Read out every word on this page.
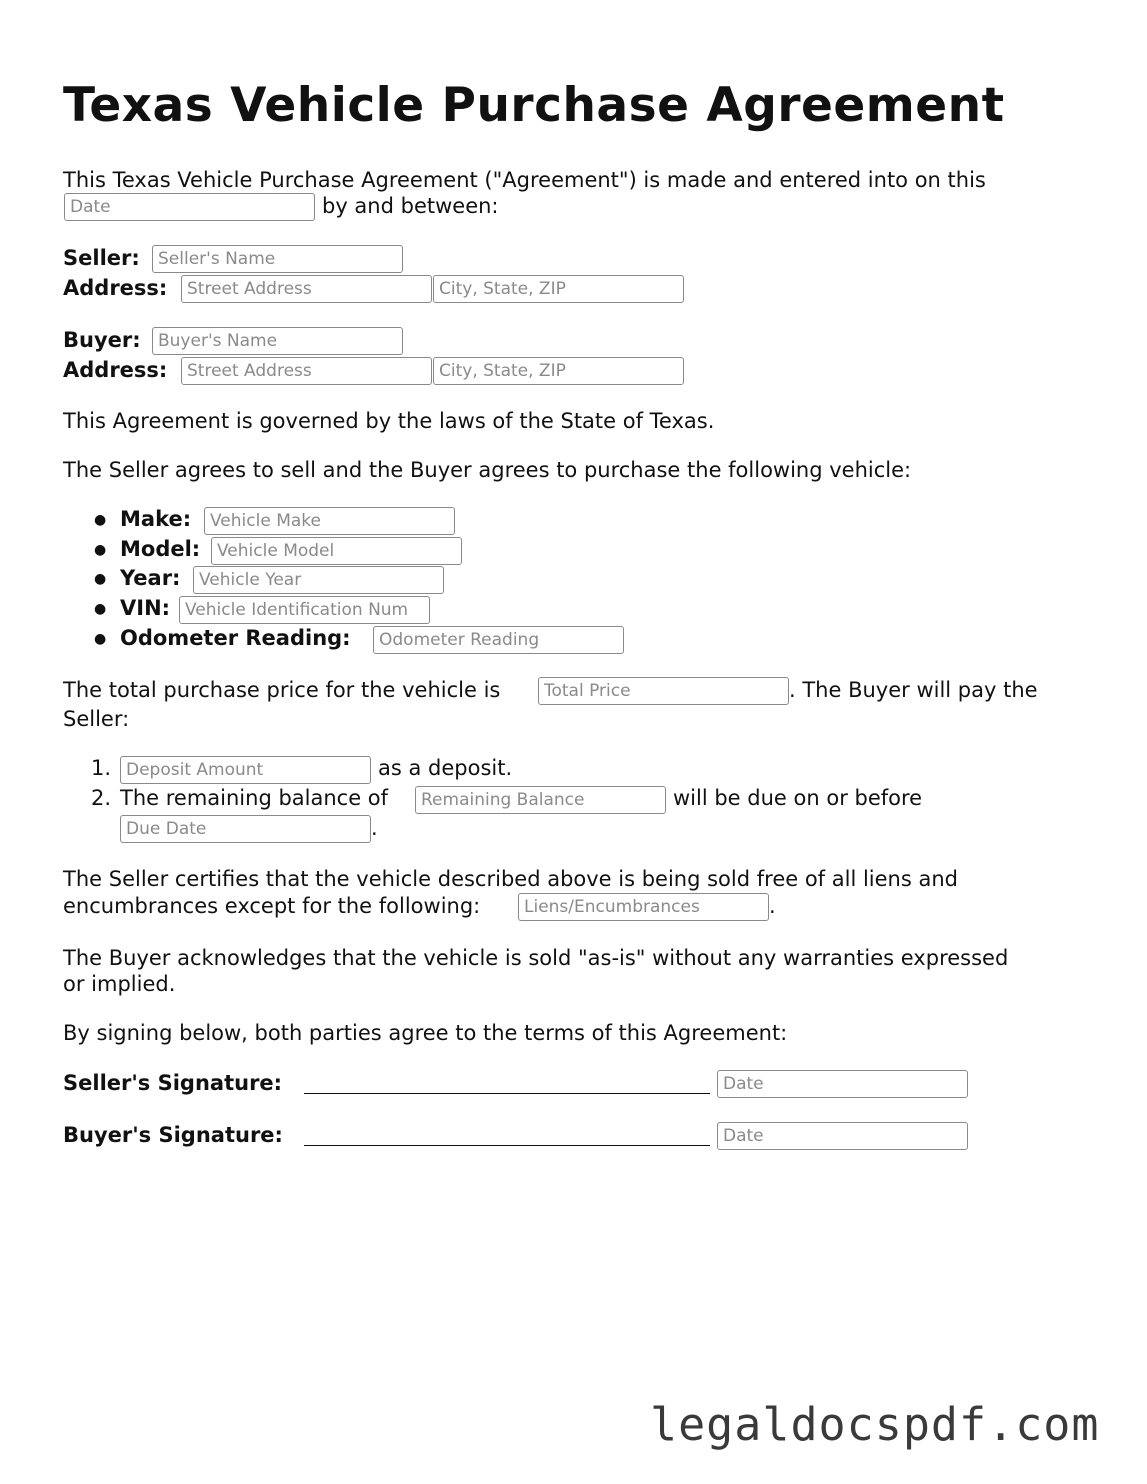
Texas Vehicle Purchase Agreement
This Texas Vehicle Purchase Agreement ("Agreement") is made and entered into on this
Date
by and between:
Seller:
Seller's Name
Address:
Street Address
City, State, ZIP
Buyer:
Buyer's Name
Address:
Street Address
City, State, ZIP
This Agreement is governed by the laws of the State of Texas.
The Seller agrees to sell and the Buyer agrees to purchase the following vehicle:
● Make:
Vehicle Make
● Model:
Vehicle Model
● Year:
Vehicle Year
● VIN:
Vehicle Identification Num
● Odometer Reading:
Odometer Reading
The total purchase price for the vehicle is
Total Price	. The Buyer will pay the
Seller:
1.
Deposit Amount	as a deposit.
2. The remaining balance of
Remaining Balance	will be due on or before
Due Date
.
The Seller certifies that the vehicle described above is being sold free of all liens and
encumbrances except for the following:
Liens/Encumbrances	.
The Buyer acknowledges that the vehicle is sold "as-is" without any warranties expressed
or implied.
By signing below, both parties agree to the terms of this Agreement:
Seller's Signature:
Date
Buyer's Signature:
Date
legaldocspdf.com
